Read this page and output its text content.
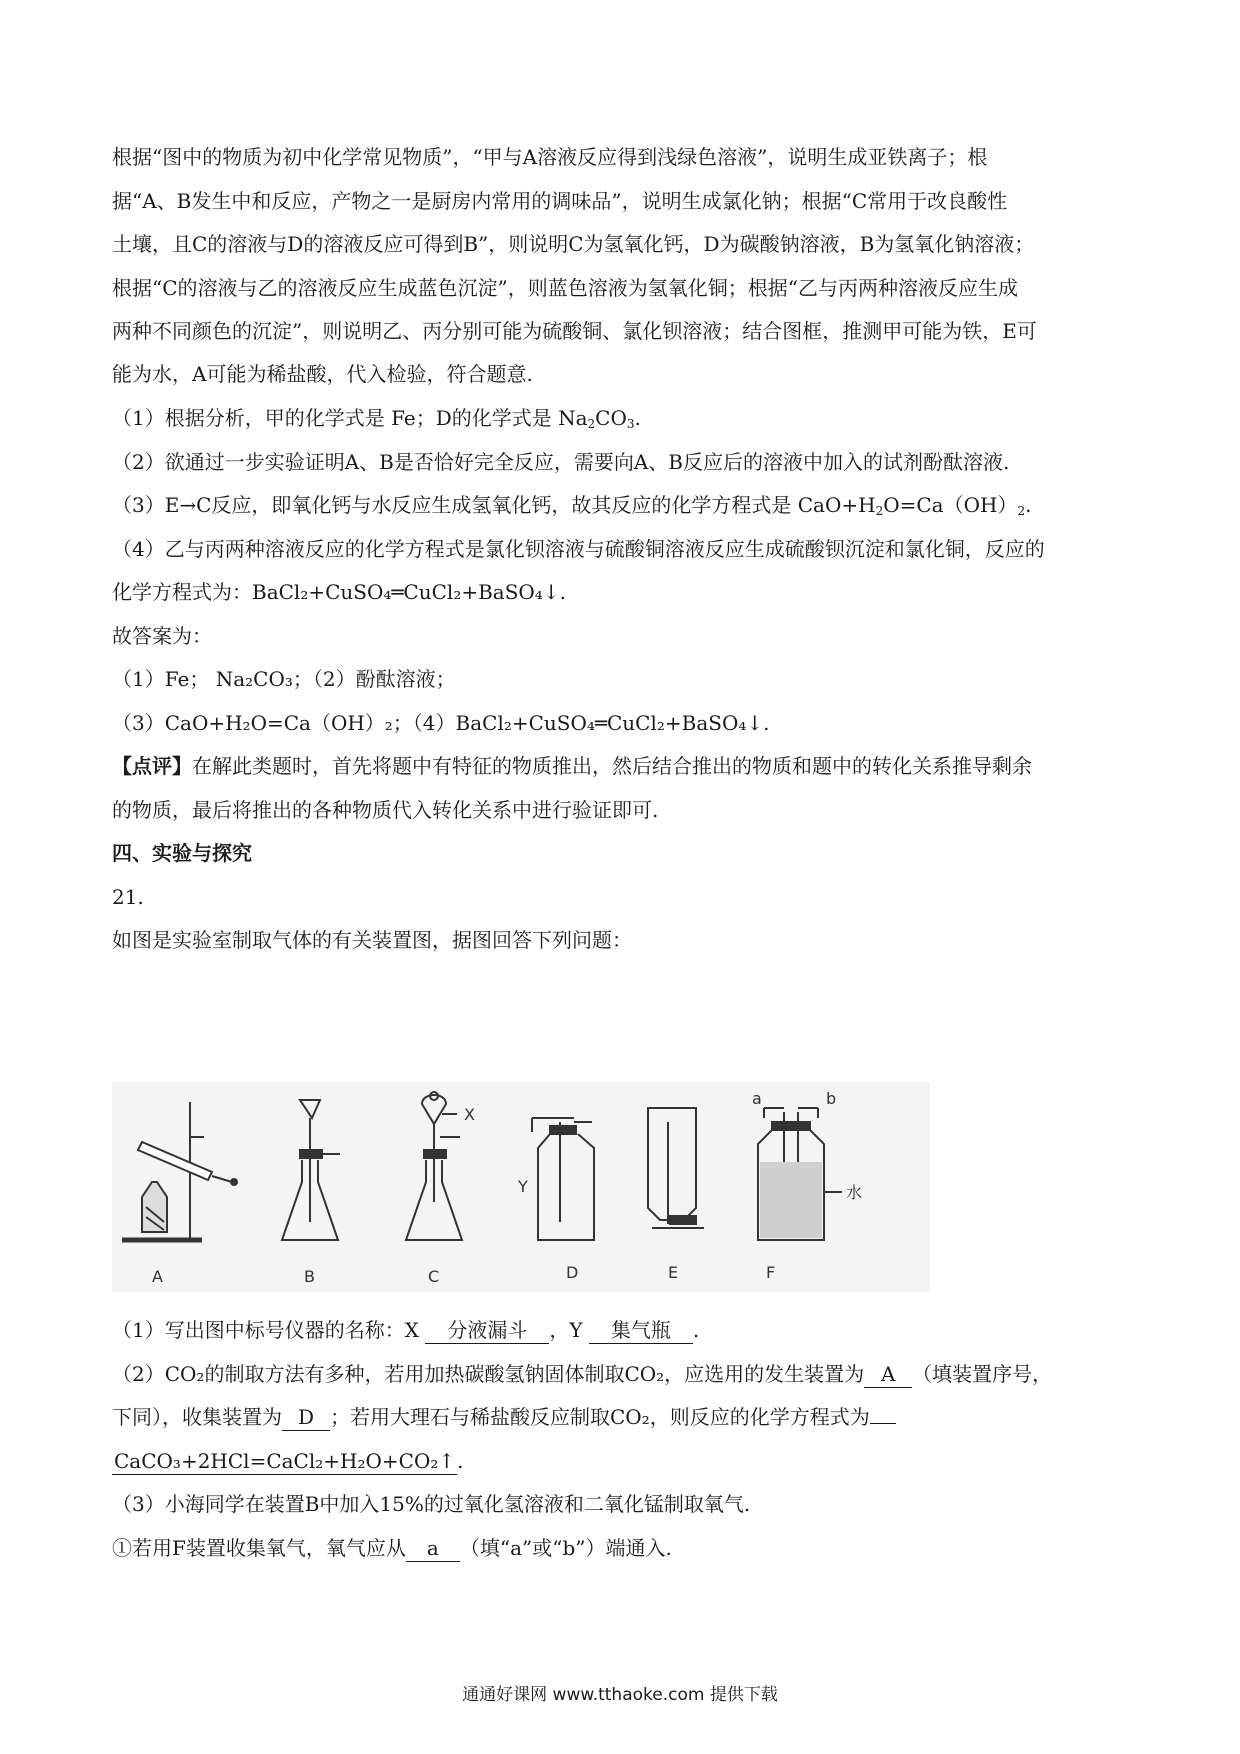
根据“图中的物质为初中化学常见物质”，“甲与A溶液反应得到浅绿色溶液”，说明生成亚铁离子；根
据“A、B发生中和反应，产物之一是厨房内常用的调味品”，说明生成氯化钠；根据“C常用于改良酸性
土壤，且C的溶液与D的溶液反应可得到B”，则说明C为氢氧化钙，D为碳酸钠溶液，B为氢氧化钠溶液；
根据“C的溶液与乙的溶液反应生成蓝色沉淀”，则蓝色溶液为氢氧化铜；根据“乙与丙两种溶液反应生成
两种不同颜色的沉淀”，则说明乙、丙分别可能为硫酸铜、氯化钡溶液；结合图框，推测甲可能为铁，E可
能为水，A可能为稀盐酸，代入检验，符合题意.
（1）根据分析，甲的化学式是 Fe；D的化学式是 $Na_2CO_3$.
（2）欲通过一步实验证明A、B是否恰好完全反应，需要向A、B反应后的溶液中加入的试剂酚酞溶液.
（3）E→C反应，即氧化钙与水反应生成氢氧化钙，故其反应的化学方程式是 $CaO+H_2O=Ca(OH)_2$.
（4）乙与丙两种溶液反应的化学方程式是氯化钡溶液与硫酸铜溶液反应生成硫酸钡沉淀和氯化铜，反应的
化学方程式为：BaCl₂+CuSO₄═CuCl₂+BaSO₄↓.
故答案为：
（1）Fe； Na₂CO₃；（2）酚酞溶液；
（3）CaO+H₂O=Ca（OH）₂；（4）BaCl₂+CuSO₄═CuCl₂+BaSO₄↓.
【点评】在解此类题时，首先将题中有特征的物质推出，然后结合推出的物质和题中的转化关系推导剩余
的物质，最后将推出的各种物质代入转化关系中进行验证即可.
四、实验与探究
21.
如图是实验室制取气体的有关装置图，据图回答下列问题：
X
Y
a	b
水
A	B	C	D	E	F
（1）写出图中标号仪器的名称：X 分液漏斗 ，Y 集气瓶 .
（2）CO₂的制取方法有多种，若用加热碳酸氢钠固体制取CO₂，应选用的发生装置为 A （填装置序号，
下同），收集装置为 D ；若用大理石与稀盐酸反应制取CO₂，则反应的化学方程式为
CaCO₃+2HCl=CaCl₂+H₂O+CO₂↑ .
（3）小海同学在装置B中加入15%的过氧化氢溶液和二氧化锰制取氧气.
①若用F装置收集氧气，氧气应从 a （填“a”或“b”）端通入.
通通好课网 www.tthaoke.com 提供下载
